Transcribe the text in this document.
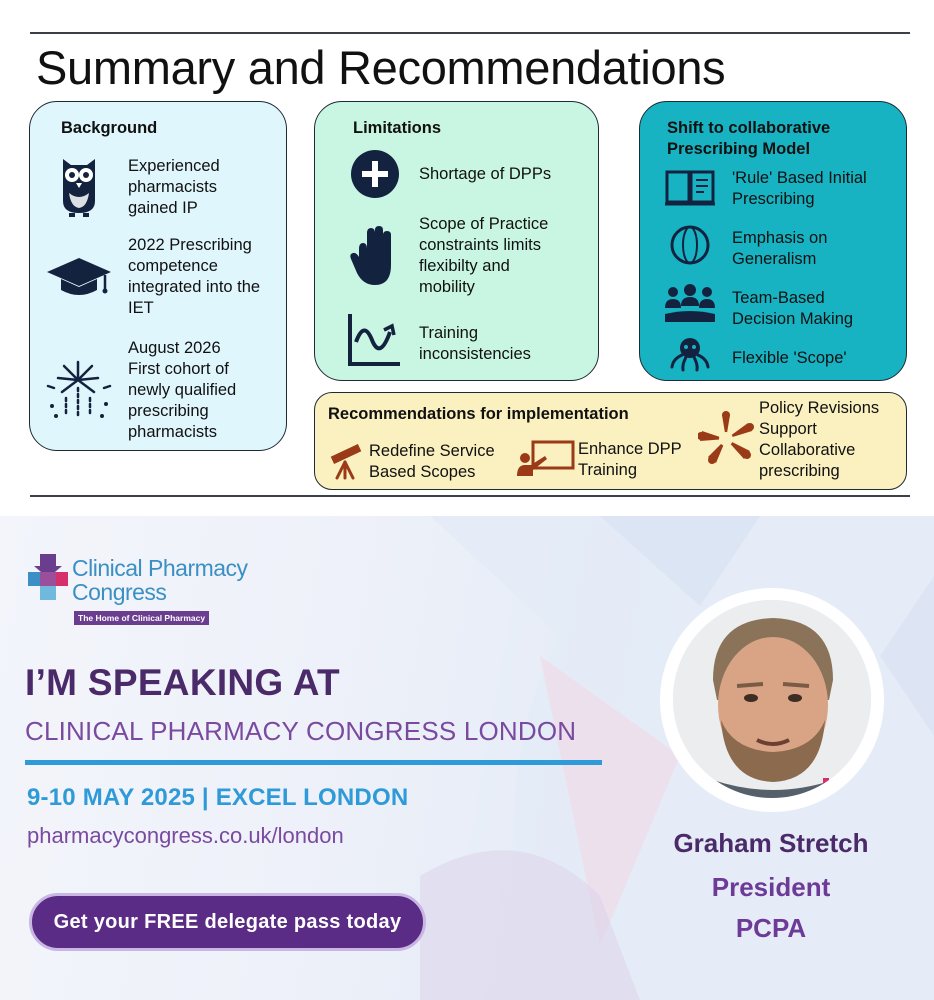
Summary and Recommendations
Background
Experienced
pharmacists
gained IP
2022 Prescribing
competence
integrated into the
IET
August 2026
First cohort of
newly qualified
prescribing
pharmacists
Limitations
Shortage of DPPs
Scope of Practice
constraints limits
flexibilty and
mobility
Training
inconsistencies
Shift to collaborative
Prescribing Model
'Rule' Based Initial
Prescribing
Emphasis on
Generalism
Team-Based
Decision Making
Flexible 'Scope'
Recommendations for implementation
Redefine Service
Based Scopes
Enhance DPP
Training
Policy Revisions
Support
Collaborative
prescribing
Clinical Pharmacy
Congress
The Home of Clinical Pharmacy
I’M SPEAKING AT
CLINICAL PHARMACY CONGRESS LONDON
9-10 MAY 2025 | EXCEL LONDON
pharmacycongress.co.uk/london
Get your FREE delegate pass today
Graham Stretch
President
PCPA
